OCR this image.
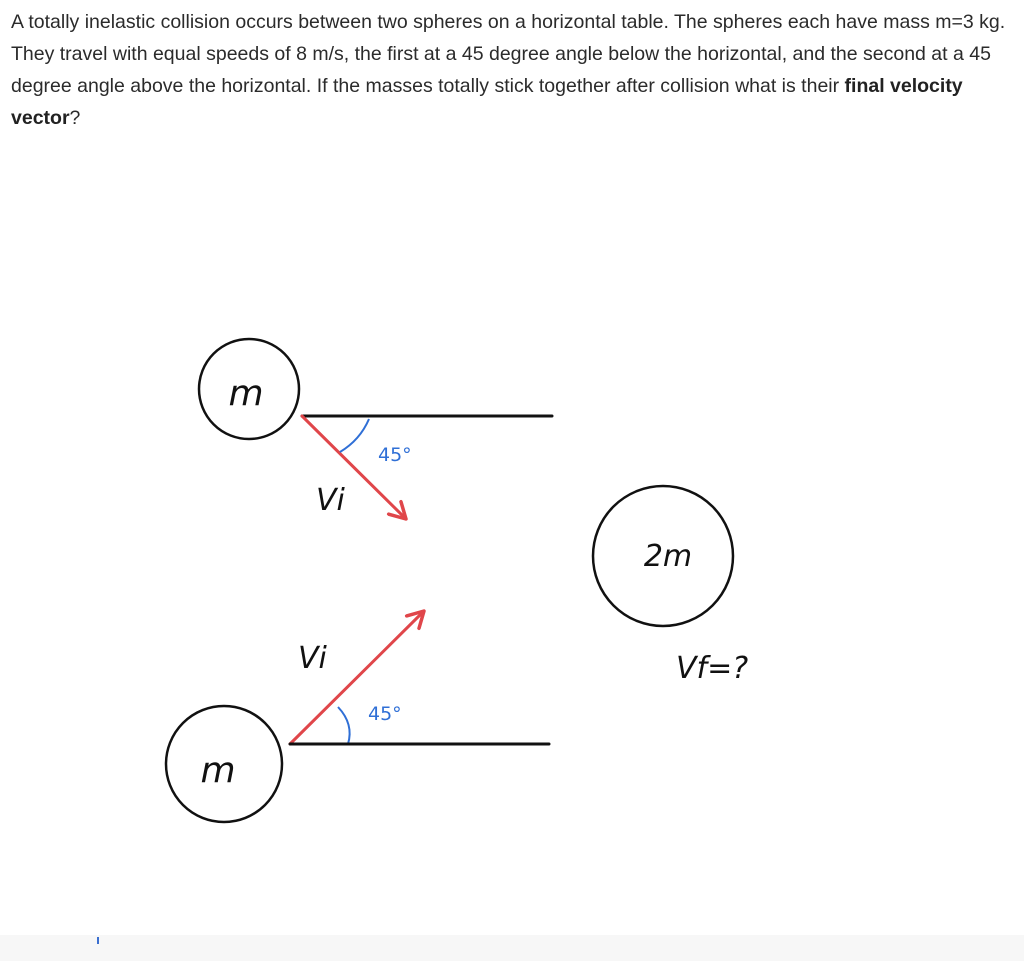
A totally inelastic collision occurs between two spheres on a horizontal table. The spheres each have mass m=3 kg. They travel with equal speeds of 8 m/s, the first at a 45 degree angle below the horizontal, and the second at a 45 degree angle above the horizontal. If the masses totally stick together after collision what is their final velocity vector?

m
45°
Vi
2m
Vi	Vf=?
45°
m
